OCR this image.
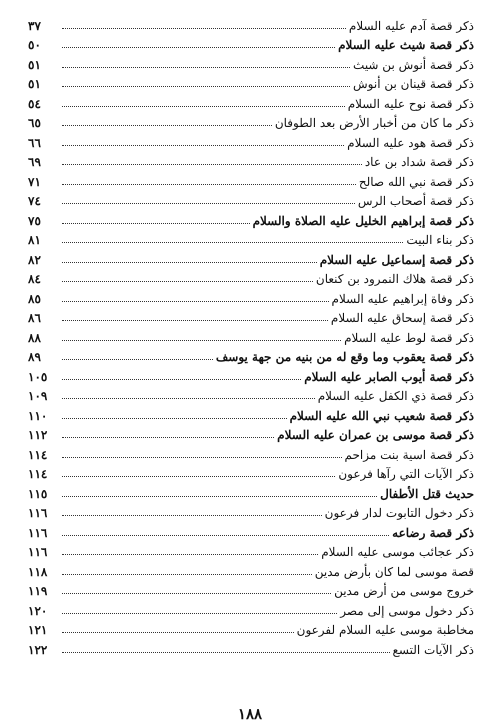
ذكر قصة آدم عليه السلام
٣٧
ذكر قصة شيث عليه السلام
٥٠
ذكر قصة أنوش بن شيث
٥١
ذكر قصة قينان بن أنوش
٥١
ذكر قصة نوح عليه السلام
٥٤
ذكر ما كان من أخبار الأرض بعد الطوفان
٦٥
ذكر قصة هود عليه السلام
٦٦
ذكر قصة شداد بن عاد
٦٩
ذكر قصة نبي الله صالح
٧١
ذكر قصة أصحاب الرس
٧٤
ذكر قصة إبراهيم الخليل عليه الصلاة والسلام
٧٥
ذكر بناء البيت
٨١
ذكر قصة إسماعيل عليه السلام
٨٢
ذكر قصة هلاك النمرود بن كنعان
٨٤
ذكر وفاة إبراهيم عليه السلام
٨٥
ذكر قصة إسحاق عليه السلام
٨٦
ذكر قصة لوط عليه السلام
٨٨
ذكر قصة يعقوب وما وقع له من بنيه من جهة يوسف
٨٩
ذكر قصة أيوب الصابر عليه السلام
١٠٥
ذكر قصة ذي الكفل عليه السلام
١٠٩
ذكر قصة شعيب نبي الله عليه السلام
١١٠
ذكر قصة موسى بن عمران عليه السلام
١١٢
ذكر قصة اسية بنت مزاحم
١١٤
ذكر الآيات التي رآها فرعون
١١٤
حديث قتل الأطفال
١١٥
ذكر دخول التابوت لدار فرعون
١١٦
ذكر قصة رضاعه
١١٦
ذكر عجائب موسى عليه السلام
١١٦
قصة موسى لما كان بأرض مدين
١١٨
خروج موسى من أرض مدين
١١٩
ذكر دخول موسى إلى مصر
١٢٠
مخاطبة موسى عليه السلام لفرعون
١٢١
ذكر الآيات التسع
١٢٢
١٨٨
